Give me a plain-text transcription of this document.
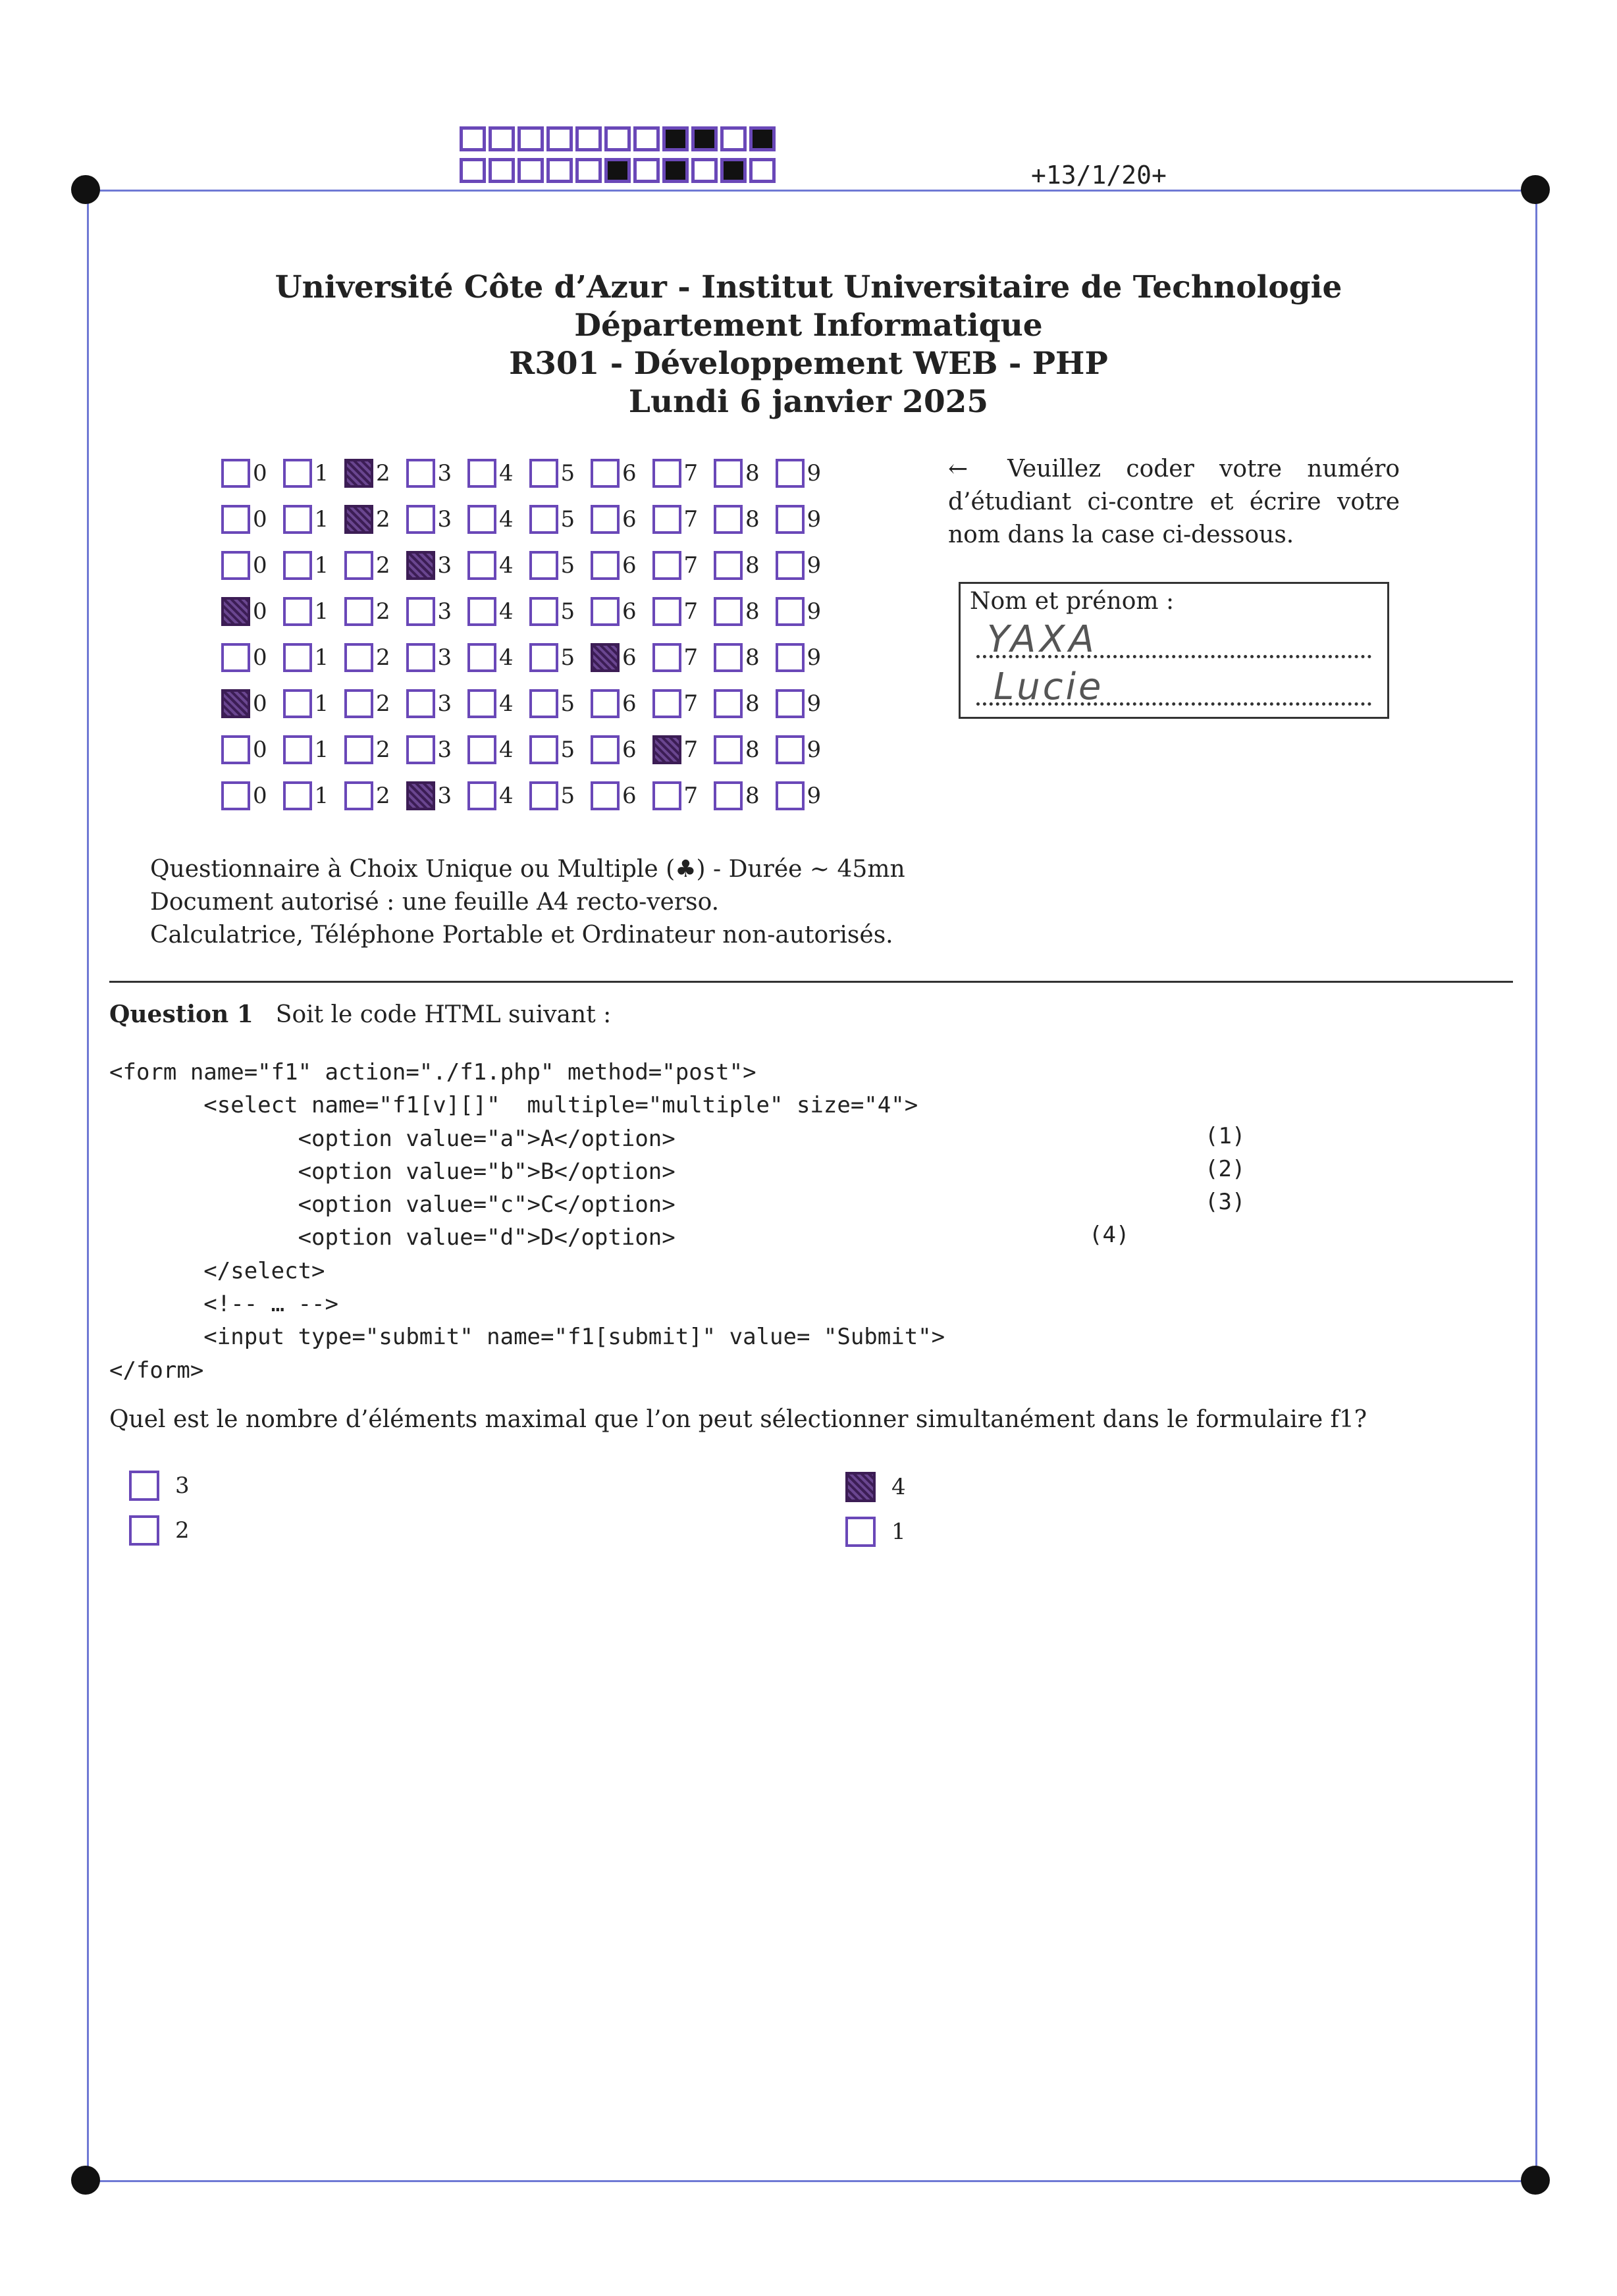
+13/1/20+
Université Côte d’Azur - Institut Universitaire de Technologie
Département Informatique
R301 - Développement WEB - PHP
Lundi 6 janvier 2025
0 1 2 3 4 5 6 7 8 9
0 1 2 3 4 5 6 7 8 9
0 1 2 3 4 5 6 7 8 9
0 1 2 3 4 5 6 7 8 9
0 1 2 3 4 5 6 7 8 9
0 1 2 3 4 5 6 7 8 9
0 1 2 3 4 5 6 7 8 9
0 1 2 3 4 5 6 7 8 9
← Veuillez coder votre numéro d’étudiant ci-contre et écrire votre nom dans la case ci-dessous.
Nom et prénom :
YAXA
Lucie
Questionnaire à Choix Unique ou Multiple (♣) - Durée ∼ 45mn
Document autorisé : une feuille A4 recto-verso.
Calculatrice, Téléphone Portable et Ordinateur non-autorisés.
Question 1 Soit le code HTML suivant :
<form name="f1" action="./f1.php" method="post">
<select name="f1[v][]"  multiple="multiple" size="4">
<option value="a">A</option>
<option value="b">B</option>
<option value="c">C</option>
<option value="d">D</option>
</select>
<!-- … -->
<input type="submit" name="f1[submit]" value= "Submit">
</form>
(1)
(2)
(3)
(4)
Quel est le nombre d’éléments maximal que l’on peut sélectionner simultanément dans le formulaire f1?
3	4
2	1
